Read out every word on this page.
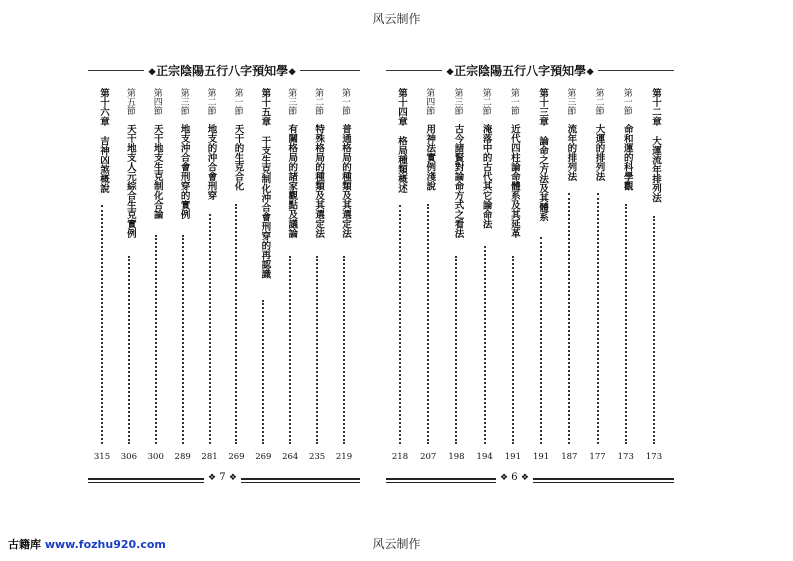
风云制作
❖正宗陰陽五行八字預知學❖
第一節
普通格局的種類及其選定法
219
第二節
特殊格局的種類及其選定法
235
第三節
有關格局的諸家觀點及議論
264
第十五章
干支生克制化沖合會刑穿的再認識
269
第一節
天干的生克合化
269
第二節
地支的沖合會刑穿
281
第三節
地支沖合會刑穿的實例
289
第四節
天干地支生克制化合論
300
第五節
天干地支人元綜合生克實例
306
第十六章
吉神凶煞概說
315
❖ 7 ❖
❖正宗陰陽五行八字預知學❖
第十二章
大運流年排列法
173
第一節
命和運的科學觀
173
第二節
大運的排列法
177
第三節
流年的排列法
187
第十三章
論命之方法及其體系
191
第一節
近代四柱論命體系及其延革
191
第二節
淹落中的古代其它論命法
194
第三節
古今諸賢對論命方式之看法
198
第四節
用神法實例淺說
207
第十四章
格局種類概述
218
❖ 6 ❖
风云制作
古籍库 www.fozhu920.com
